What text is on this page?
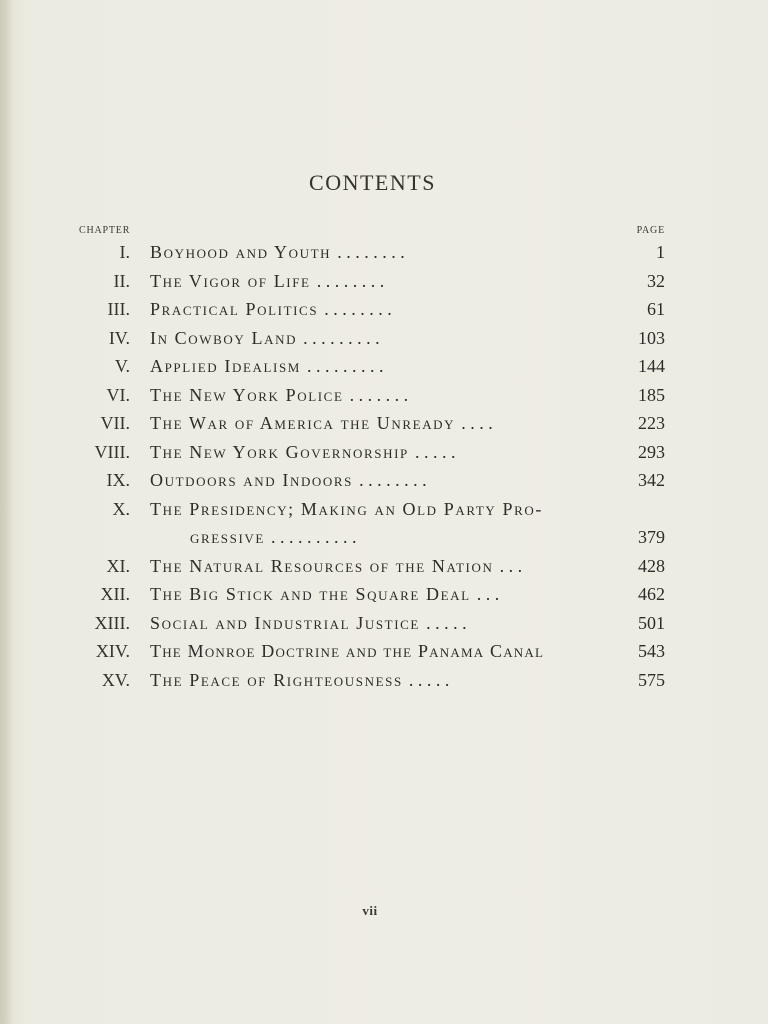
CONTENTS
CHAPTER	PAGE
I. Boyhood and Youth . . . . . . . .	1
II. The Vigor of Life . . . . . . . .	32
III. Practical Politics . . . . . . . .	61
IV. In Cowboy Land . . . . . . . . .	103
V. Applied Idealism . . . . . . . . .	144
VI. The New York Police . . . . . . .	185
VII. The War of America the Unready . . . .	223
VIII. The New York Governorship . . . . .	293
IX. Outdoors and Indoors . . . . . . . .	342
X. The Presidency; Making an Old Party Pro-
gressive . . . . . . . . . .	379
XI. The Natural Resources of the Nation . . .	428
XII. The Big Stick and the Square Deal . . .	462
XIII. Social and Industrial Justice . . . . .	501
XIV. The Monroe Doctrine and the Panama Canal	543
XV. The Peace of Righteousness . . . . .	575
vii
